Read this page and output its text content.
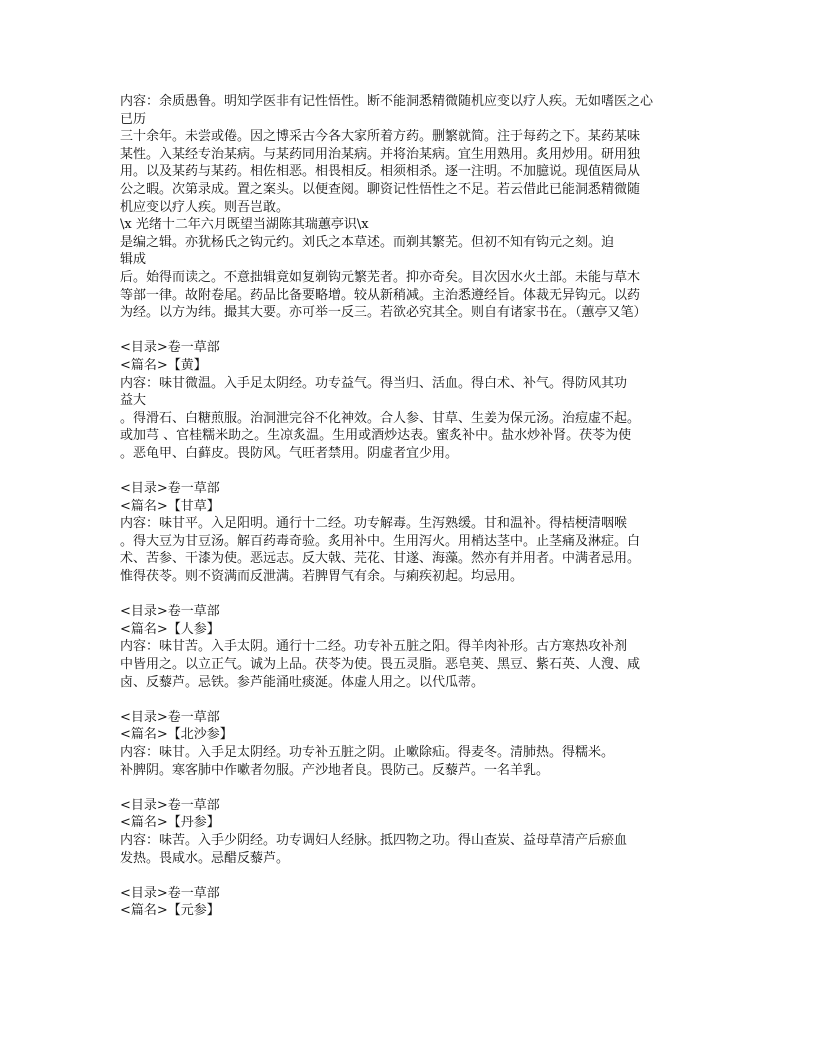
内容：余质愚鲁。明知学医非有记性悟性。断不能洞悉精微随机应变以疗人疾。无如嗜医之心
已历
三十余年。未尝或倦。因之博采古今各大家所着方药。删繁就简。注于每药之下。某药某味
某性。入某经专治某病。与某药同用治某病。并将治某病。宜生用熟用。炙用炒用。研用独
用。以及某药与某药。相佐相恶。相畏相反。相须相杀。逐一注明。不加臆说。现值医局从
公之暇。次第录成。置之案头。以便查阅。聊资记性悟性之不足。若云借此已能洞悉精微随
机应变以疗人疾。则吾岂敢。
\x 光绪十二年六月既望当湖陈其瑞蕙亭识\x
是编之辑。亦犹杨氏之钩元约。刘氏之本草述。而剃其繁芜。但初不知有钩元之刻。迫
辑成
后。始得而读之。不意拙辑竟如复剃钩元繁芜者。抑亦奇矣。目次因水火土部。未能与草木
等部一律。故附卷尾。药品比备要略增。较从新稍减。主治悉遵经旨。体裁无异钩元。以药
为经。以方为纬。撮其大要。亦可举一反三。若欲必究其全。则自有诸家书在。（蕙亭又笔）
<目录>卷一草部
<篇名>【黄】
内容：味甘微温。入手足太阴经。功专益气。得当归、活血。得白术、补气。得防风其功
益大
。得滑石、白糖煎服。治洞泄完谷不化神效。合人参、甘草、生姜为保元汤。治痘虚不起。
或加芎 、官桂糯米助之。生凉炙温。生用或酒炒达表。蜜炙补中。盐水炒补肾。茯苓为使
。恶龟甲、白藓皮。畏防风。气旺者禁用。阴虚者宜少用。
<目录>卷一草部
<篇名>【甘草】
内容：味甘平。入足阳明。通行十二经。功专解毒。生泻熟缓。甘和温补。得桔梗清咽喉
。得大豆为甘豆汤。解百药毒奇验。炙用补中。生用泻火。用梢达茎中。止茎痛及淋症。白
术、苦参、干漆为使。恶远志。反大戟、芫花、甘遂、海藻。然亦有并用者。中满者忌用。
惟得茯苓。则不资满而反泄满。若脾胃气有余。与痢疾初起。均忌用。
<目录>卷一草部
<篇名>【人参】
内容：味甘苦。入手太阴。通行十二经。功专补五脏之阳。得羊肉补形。古方寒热攻补剂
中皆用之。以立正气。诚为上品。茯苓为使。畏五灵脂。恶皂荚、黑豆、紫石英、人溲、咸
卤、反藜芦。忌铁。参芦能涌吐痰涎。体虚人用之。以代瓜蒂。
<目录>卷一草部
<篇名>【北沙参】
内容：味甘。入手足太阴经。功专补五脏之阴。止嗽除疝。得麦冬。清肺热。得糯米。
补脾阴。寒客肺中作嗽者勿服。产沙地者良。畏防己。反藜芦。一名羊乳。
<目录>卷一草部
<篇名>【丹参】
内容：味苦。入手少阴经。功专调妇人经脉。抵四物之功。得山查炭、益母草清产后瘀血
发热。畏咸水。忌醋反藜芦。
<目录>卷一草部
<篇名>【元参】
